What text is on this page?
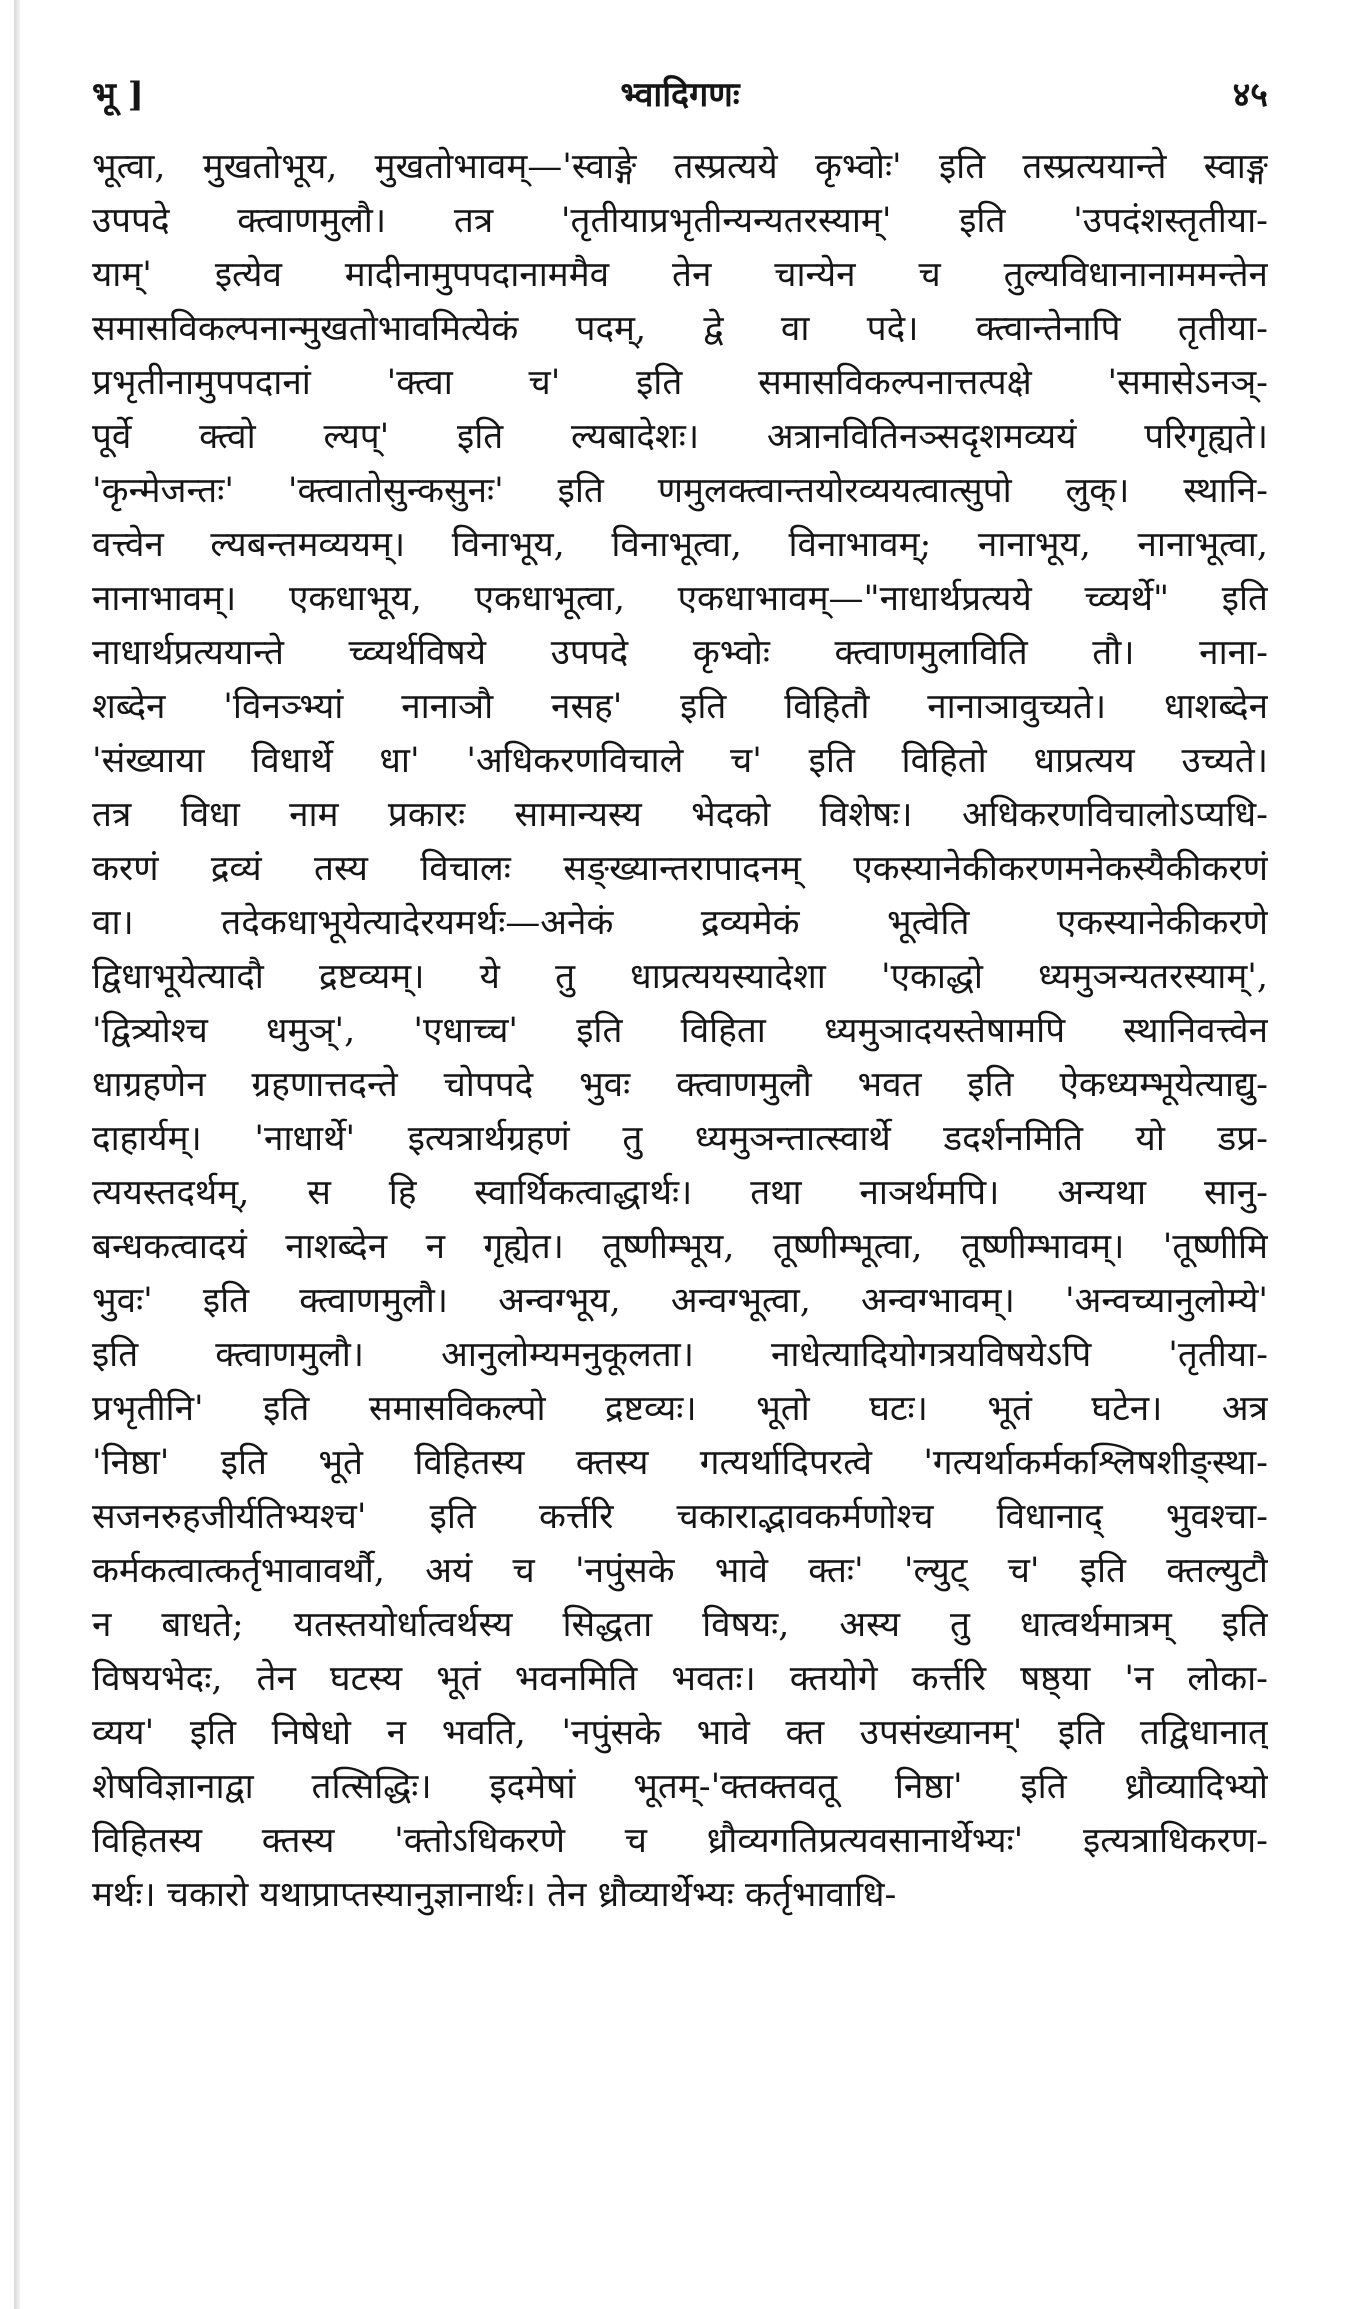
भू ]	भ्वादिगणः	४५
भूत्वा, मुखतोभूय, मुखतोभावम्—'स्वाङ्गे तस्प्रत्यये कृभ्वोः' इति तस्प्रत्ययान्ते स्वाङ्ग
उपपदे क्त्वाणमुलौ। तत्र 'तृतीयाप्रभृतीन्यन्यतरस्याम्' इति 'उपदंशस्तृतीया-
याम्' इत्येव मादीनामुपपदानाममैव तेन चान्येन च तुल्यविधानानाममन्तेन
समासविकल्पनान्मुखतोभावमित्येकं पदम्, द्वे वा पदे। क्त्वान्तेनापि तृतीया-
प्रभृतीनामुपपदानां 'क्त्वा च' इति समासविकल्पनात्तत्पक्षे 'समासेऽनञ्-
पूर्वे क्त्वो ल्यप्' इति ल्यबादेशः। अत्रानवितिनञ्सदृशमव्ययं परिगृह्यते।
'कृन्मेजन्तः' 'क्त्वातोसुन्कसुनः' इति णमुलक्त्वान्तयोरव्ययत्वात्सुपो लुक्। स्थानि-
वत्त्वेन ल्यबन्तमव्ययम्। विनाभूय, विनाभूत्वा, विनाभावम्; नानाभूय, नानाभूत्वा,
नानाभावम्। एकधाभूय, एकधाभूत्वा, एकधाभावम्—"नाधार्थप्रत्यये च्व्यर्थे" इति
नाधार्थप्रत्ययान्ते च्व्यर्थविषये उपपदे कृभ्वोः क्त्वाणमुलाविति तौ। नाना-
शब्देन 'विनञ्भ्यां नानाञौ नसह' इति विहितौ नानाञावुच्यते। धाशब्देन
'संख्याया विधार्थे धा' 'अधिकरणविचाले च' इति विहितो धाप्रत्यय उच्यते।
तत्र विधा नाम प्रकारः सामान्यस्य भेदको विशेषः। अधिकरणविचालोऽप्यधि-
करणं द्रव्यं तस्य विचालः सङ्ख्यान्तरापादनम् एकस्यानेकीकरणमनेकस्यैकीकरणं
वा। तदेकधाभूयेत्यादेरयमर्थः—अनेकं द्रव्यमेकं भूत्वेति एकस्यानेकीकरणे
द्विधाभूयेत्यादौ द्रष्टव्यम्। ये तु धाप्रत्ययस्यादेशा 'एकाद्धो ध्यमुञन्यतरस्याम्',
'द्वित्र्योश्च धमुञ्', 'एधाच्च' इति विहिता ध्यमुञादयस्तेषामपि स्थानिवत्त्वेन
धाग्रहणेन ग्रहणात्तदन्ते चोपपदे भुवः क्त्वाणमुलौ भवत इति ऐकध्यम्भूयेत्याद्यु-
दाहार्यम्। 'नाधार्थे' इत्यत्रार्थग्रहणं तु ध्यमुञन्तात्स्वार्थे डदर्शनमिति यो डप्र-
त्ययस्तदर्थम्, स हि स्वार्थिकत्वाद्धार्थः। तथा नाञर्थमपि। अन्यथा सानु-
बन्धकत्वादयं नाशब्देन न गृह्येत। तूष्णीम्भूय, तूष्णीम्भूत्वा, तूष्णीम्भावम्। 'तूष्णीमि
भुवः' इति क्त्वाणमुलौ। अन्वग्भूय, अन्वग्भूत्वा, अन्वग्भावम्। 'अन्वच्यानुलोम्ये'
इति क्त्वाणमुलौ। आनुलोम्यमनुकूलता। नाधेत्यादियोगत्रयविषयेऽपि 'तृतीया-
प्रभृतीनि' इति समासविकल्पो द्रष्टव्यः। भूतो घटः। भूतं घटेन। अत्र
'निष्ठा' इति भूते विहितस्य क्तस्य गत्यर्थादिपरत्वे 'गत्यर्थाकर्मकश्लिषशीङ्स्था-
सजनरुहजीर्यतिभ्यश्च' इति कर्त्तरि चकाराद्भावकर्मणोश्च विधानाद् भुवश्चा-
कर्मकत्वात्कर्तृभावावर्थौ, अयं च 'नपुंसके भावे क्तः' 'ल्युट् च' इति क्तल्युटौ
न बाधते; यतस्तयोर्धात्वर्थस्य सिद्धता विषयः, अस्य तु धात्वर्थमात्रम् इति
विषयभेदः, तेन घटस्य भूतं भवनमिति भवतः। क्तयोगे कर्त्तरि षष्ठ्या 'न लोका-
व्यय' इति निषेधो न भवति, 'नपुंसके भावे क्त उपसंख्यानम्' इति तद्विधानात्
शेषविज्ञानाद्वा तत्सिद्धिः। इदमेषां भूतम्-'क्तक्तवतू निष्ठा' इति ध्रौव्यादिभ्यो
विहितस्य क्तस्य 'क्तोऽधिकरणे च ध्रौव्यगतिप्रत्यवसानार्थेभ्यः' इत्यत्राधिकरण-
मर्थः। चकारो यथाप्राप्तस्यानुज्ञानार्थः। तेन ध्रौव्यार्थेभ्यः कर्तृभावाधि-
